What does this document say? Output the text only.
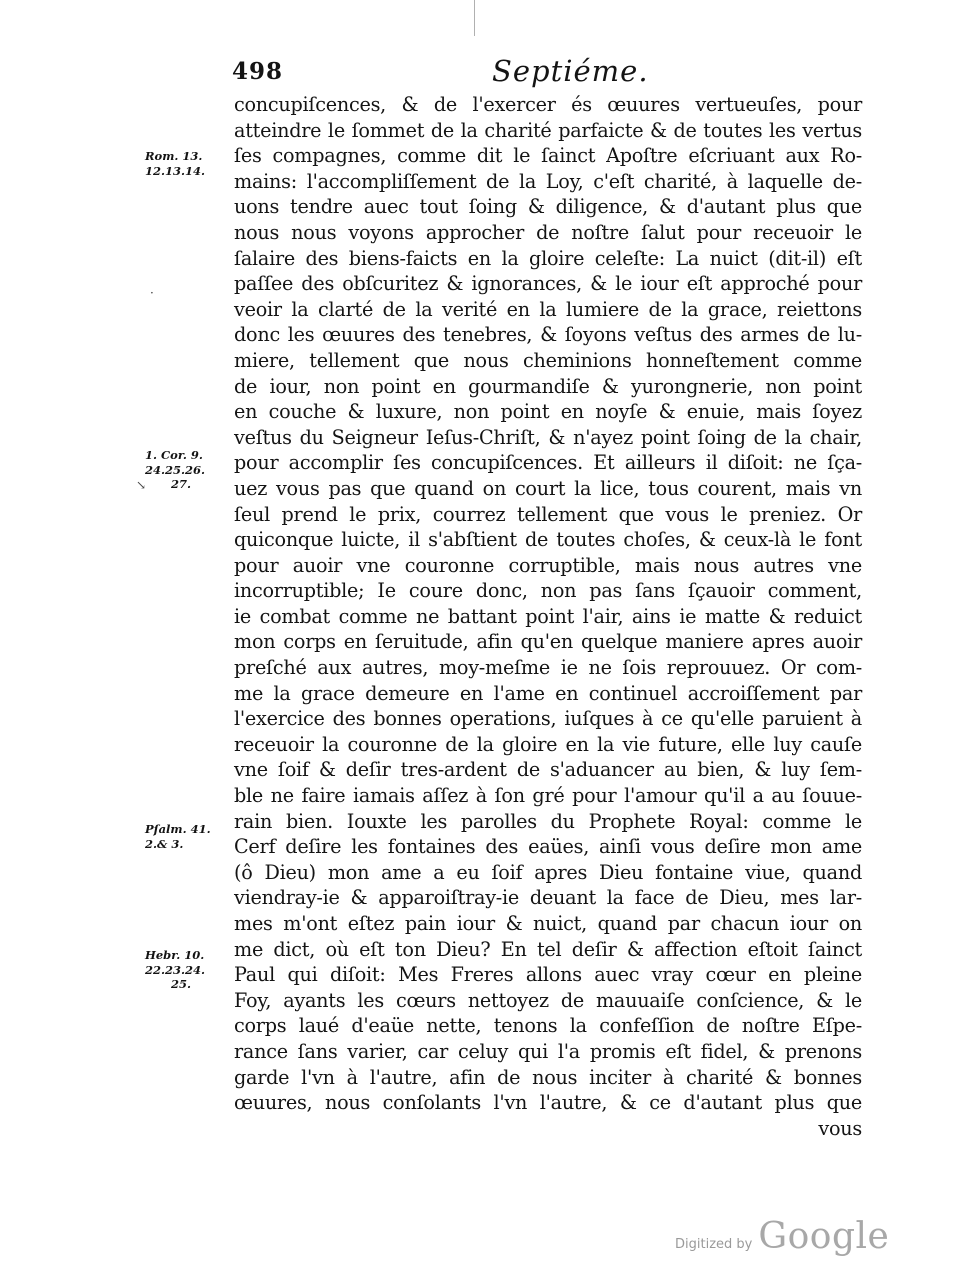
498	Septiéme.
Rom. 13.
12.13.14.
1. Cor. 9.
24.25.26.
27.
Pſalm. 41.
2.& 3.
Hebr. 10.
22.23.24.
25.
·
↘
concupiſcences, & de l'exercer és œuures vertueuſes, pour
atteindre le ſommet de la charité parfaicte & de toutes les vertus
ſes compagnes, comme dit le ſainct Apoſtre eſcriuant aux Ro-
mains: l'accompliſſement de la Loy, c'eſt charité, à laquelle de-
uons tendre auec tout ſoing & diligence, & d'autant plus que
nous nous voyons approcher de noſtre ſalut pour receuoir le
ſalaire des biens-faicts en la gloire celeſte: La nuict (dit-il) eſt
paſſee des obſcuritez & ignorances, & le iour eſt approché pour
veoir la clarté de la verité en la lumiere de la grace, reiettons
donc les œuures des tenebres, & ſoyons veſtus des armes de lu-
miere, tellement que nous cheminions honneſtement comme
de iour, non point en gourmandiſe & yurongnerie, non point
en couche & luxure, non point en noyſe & enuie, mais ſoyez
veſtus du Seigneur Ieſus-Chriſt, & n'ayez point ſoing de la chair,
pour accomplir ſes concupiſcences. Et ailleurs il diſoit: ne ſça-
uez vous pas que quand on court la lice, tous courent, mais vn
ſeul prend le prix, courrez tellement que vous le preniez. Or
quiconque luicte, il s'abſtient de toutes choſes, & ceux-là le font
pour auoir vne couronne corruptible, mais nous autres vne
incorruptible; Ie coure donc, non pas ſans ſçauoir comment,
ie combat comme ne battant point l'air, ains ie matte & reduict
mon corps en ſeruitude, afin qu'en quelque maniere apres auoir
preſché aux autres, moy-meſme ie ne ſois reprouuez. Or com-
me la grace demeure en l'ame en continuel accroiſſement par
l'exercice des bonnes operations, iuſques à ce qu'elle paruient à
receuoir la couronne de la gloire en la vie future, elle luy cauſe
vne ſoif & deſir tres-ardent de s'aduancer au bien, & luy ſem-
ble ne faire iamais aſſez à ſon gré pour l'amour qu'il a au ſouue-
rain bien. Iouxte les parolles du Prophete Royal: comme le
Cerf deſire les fontaines des eaües, ainſi vous deſire mon ame
(ô Dieu) mon ame a eu ſoif apres Dieu fontaine viue, quand
viendray-ie & apparoiſtray-ie deuant la face de Dieu, mes lar-
mes m'ont eſtez pain iour & nuict, quand par chacun iour on
me dict, où eſt ton Dieu? En tel deſir & affection eſtoit ſainct
Paul qui diſoit: Mes Freres allons auec vray cœur en pleine
Foy, ayants les cœurs nettoyez de mauuaiſe conſcience, & le
corps laué d'eaüe nette, tenons la confeſſion de noſtre Eſpe-
rance ſans varier, car celuy qui l'a promis eſt fidel, & prenons
garde l'vn à l'autre, afin de nous inciter à charité & bonnes
œuures, nous conſolants l'vn l'autre, & ce d'autant plus que
vous
Digitized by Google
